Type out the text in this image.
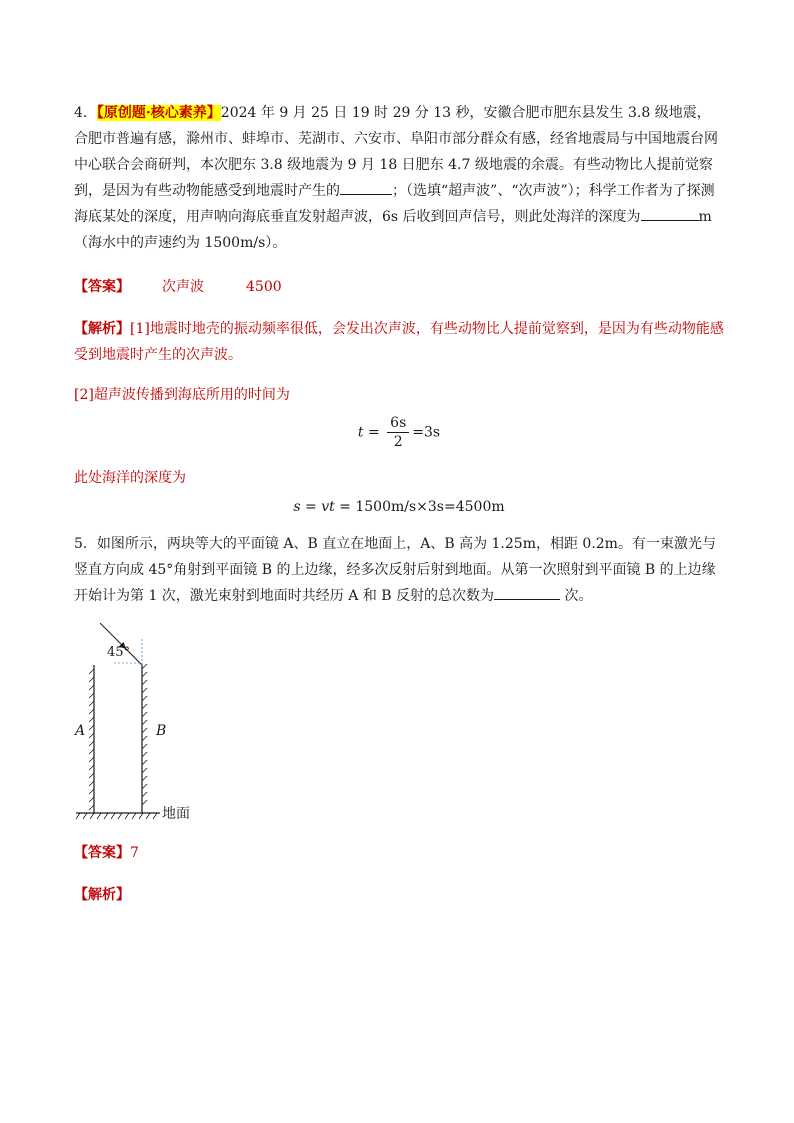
4．【原创题·核心素养】2024 年 9 月 25 日 19 时 29 分 13 秒，安徽合肥市肥东县发生 3.8 级地震，合肥市普遍有感，滁州市、蚌埠市、芜湖市、六安市、阜阳市部分群众有感，经省地震局与中国地震台网中心联合会商研判，本次肥东 3.8 级地震为 9 月 18 日肥东 4.7 级地震的余震。有些动物比人提前觉察到，是因为有些动物能感受到地震时产生的	；（选填“超声波”、“次声波”）；科学工作者为了探测海底某处的深度，用声呐向海底垂直发射超声波，6s 后收到回声信号，则此处海洋的深度为	m（海水中的声速约为 1500m/s）。

【答案】 次声波	4500

【解析】[1]地震时地壳的振动频率很低，会发出次声波，有些动物比人提前觉察到，是因为有些动物能感受到地震时产生的次声波。

[2]超声波传播到海底所用的时间为

$t = \frac{6s}{2} =3s$

此处海洋的深度为

s = vt = 1500m/s×3s=4500m

5．如图所示，两块等大的平面镜 A、B 直立在地面上，A、B 高为 1.25m，相距 0.2m。有一束激光与竖直方向成 45°角射到平面镜 B 的上边缘，经多次反射后射到地面。从第一次照射到平面镜 B 的上边缘开始计为第 1 次，激光束射到地面时共经历 A 和 B 反射的总次数为	次。

45°
A	B
地面
【答案】 7

【解析】
